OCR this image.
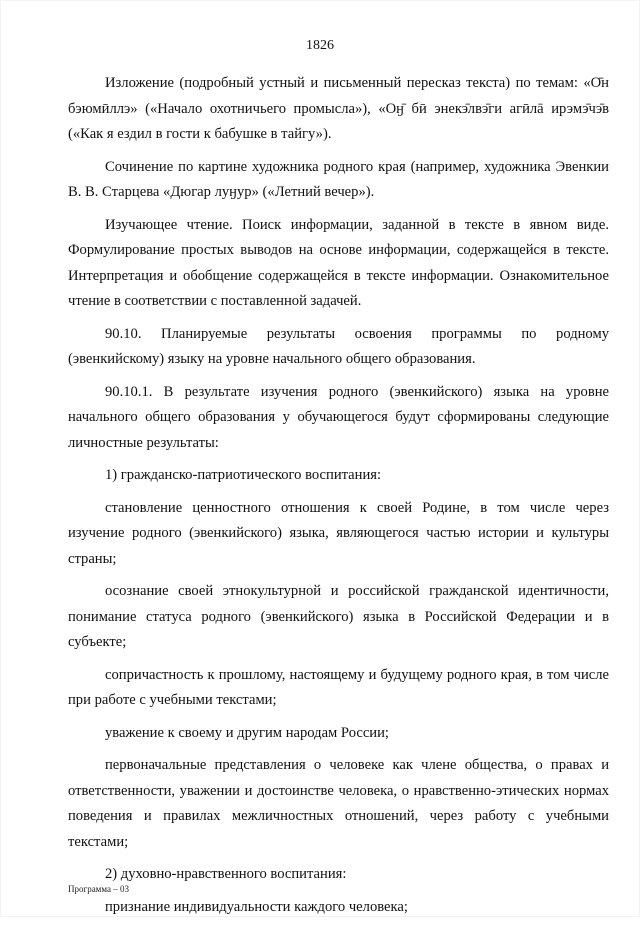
1826

Изложение (подробный устный и письменный пересказ текста) по темам: «О̄н бэюмӣллэ» («Начало охотничьего промысла»), «Оӈ̄ бӣ энекэ̄лвэ̄ги агӣлā ирэмэ̄чэ̄в («Как я ездил в гости к бабушке в тайгу»).

Сочинение по картине художника родного края (например, художника Эвенкии В. В. Старцева «Дюгар луӈур» («Летний вечер»).

Изучающее чтение. Поиск информации, заданной в тексте в явном виде. Формулирование простых выводов на основе информации, содержащейся в тексте. Интерпретация и обобщение содержащейся в тексте информации. Ознакомительное чтение в соответствии с поставленной задачей.

90.10. Планируемые результаты освоения программы по родному (эвенкийскому) языку на уровне начального общего образования.

90.10.1. В результате изучения родного (эвенкийского) языка на уровне начального общего образования у обучающегося будут сформированы следующие личностные результаты:

1) гражданско-патриотического воспитания:

становление ценностного отношения к своей Родине, в том числе через изучение родного (эвенкийского) языка, являющегося частью истории и культуры страны;

осознание своей этнокультурной и российской гражданской идентичности, понимание статуса родного (эвенкийского) языка в Российской Федерации и в субъекте;

сопричастность к прошлому, настоящему и будущему родного края, в том числе при работе с учебными текстами;

уважение к своему и другим народам России;

первоначальные представления о человеке как члене общества, о правах и ответственности, уважении и достоинстве человека, о нравственно-этических нормах поведения и правилах межличностных отношений, через работу с учебными текстами;

2) духовно-нравственного воспитания:

признание индивидуальности каждого человека;

Программа – 03
